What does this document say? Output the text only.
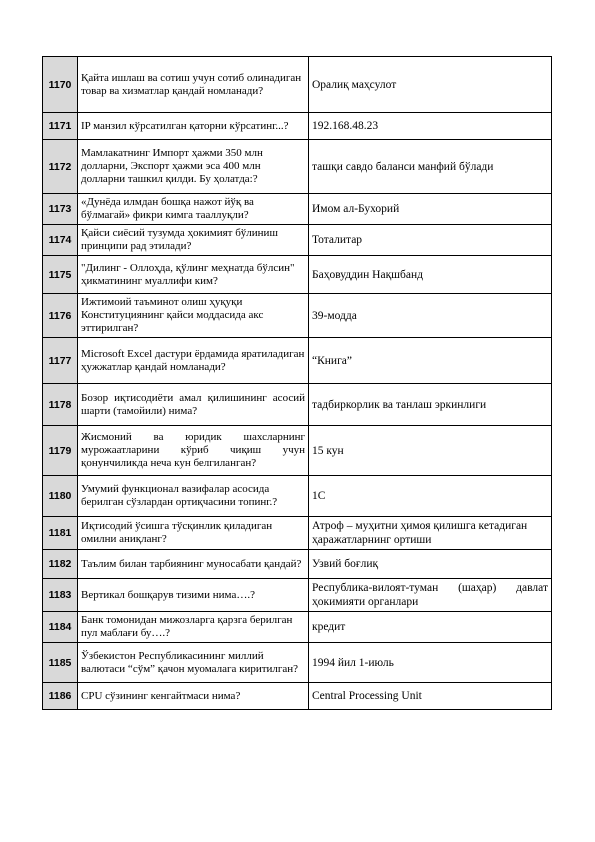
1170	Қайта ишлаш ва сотиш учун сотиб олинадиган товар ва хизматлар қандай номланади?	Оралиқ маҳсулот
1171	IP манзил кўрсатилган қаторни кўрсатинг...?	192.168.48.23
1172	Мамлакатнинг Импорт ҳажми 350 млн долларни, Экспорт ҳажми эса 400 млн долларни ташкил қилди. Бу ҳолатда:?	ташқи савдо баланси манфий бўлади
1173	«Дунёда илмдан бошқа нажот йўқ ва бўлмагай» фикри кимга тааллуқли?	Имом ал-Бухорий
1174	Қайси сиёсий тузумда ҳокимият бўлиниш принципи рад этилади?	Тоталитар
1175	"Дилинг - Оллоҳда, қўлинг меҳнатда бўлсин" ҳикматининг муаллифи ким?	Баҳовуддин Нақшбанд
1176	Ижтимоий таъминот олиш ҳуқуқи Конституциянинг қайси моддасида акс эттирилган?	39-модда
1177	Microsoft Excel дастури ёрдамида яратиладиган ҳужжатлар қандай номланади?	“Книга”
1178	Бозор иқтисодиёти амал қилишининг асосий шарти (тамойили) нима?	тадбиркорлик ва танлаш эркинлиги
1179	Жисмоний ва юридик шахсларнинг мурожаатларини кўриб чиқиш учун қонунчиликда неча кун белгиланган?	15 кун
1180	Умумий функционал вазифалар асосида берилган сўзлардан ортиқчасини топинг.?	1С
1181	Иқтисодий ўсишга тўсқинлик қиладиган омилни аниқланг?	Атроф – муҳитни ҳимоя қилишга кетадиган ҳаражатларнинг ортиши
1182	Таълим билан тарбиянинг муносабати қандай?	Узвий боғлиқ
1183	Вертикал бошқарув тизими нима….?	Республика-вилоят-туман (шаҳар) давлат ҳокимияти органлари
1184	Банк томонидан мижозларга қарзга берилган пул маблағи бу….?	кредит
1185	Ўзбекистон Республикасининг миллий валютаси “сўм” қачон муомалага киритилган?	1994 йил 1-июль
1186	CPU сўзининг кенгайтмаси нима?	Central Processing Unit
